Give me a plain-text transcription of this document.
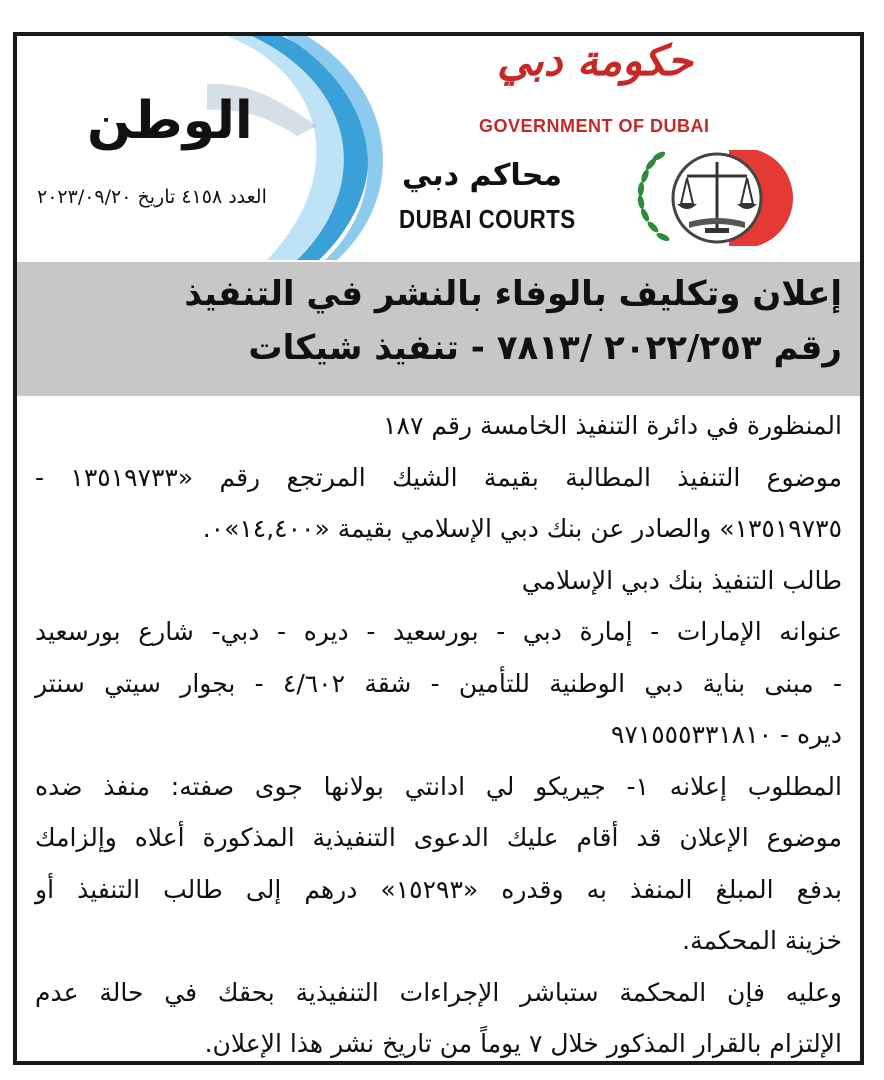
الوطن
العدد ٤١٥٨ تاريخ ٢٠٢٣/٠٩/٢٠
حكومة دبي
GOVERNMENT OF DUBAI
محاكم دبي
DUBAI COURTS
إعلان وتكليف بالوفاء بالنشر في التنفيذ
رقم ٢٠٢٢/٢٥٣ /٧٨١٣ - تنفيذ شيكات
المنظورة في دائرة التنفيذ الخامسة رقم ١٨٧
موضوع التنفيذ المطالبة بقيمة الشيك المرتجع رقم «١٣٥١٩٧٣٣ -
١٣٥١٩٧٣٥» والصادر عن بنك دبي الإسلامي بقيمة «١٤,٤٠٠»٠.
طالب التنفيذ بنك دبي الإسلامي
عنوانه الإمارات - إمارة دبي - بورسعيد - ديره - دبي- شارع بورسعيد
- مبنى بناية دبي الوطنية للتأمين - شقة ٤/٦٠٢ - بجوار سيتي سنتر
ديره - ٩٧١٥٥٥٣٣١٨١٠
المطلوب إعلانه ١- جيريكو لي ادانتي بولانها جوى صفته: منفذ ضده
موضوع الإعلان قد أقام عليك الدعوى التنفيذية المذكورة أعلاه وإلزامك
بدفع المبلغ المنفذ به وقدره «١٥٢٩٣» درهم إلى طالب التنفيذ أو
خزينة المحكمة.
وعليه فإن المحكمة ستباشر الإجراءات التنفيذية بحقك في حالة عدم
الإلتزام بالقرار المذكور خلال ٧ يوماً من تاريخ نشر هذا الإعلان.
